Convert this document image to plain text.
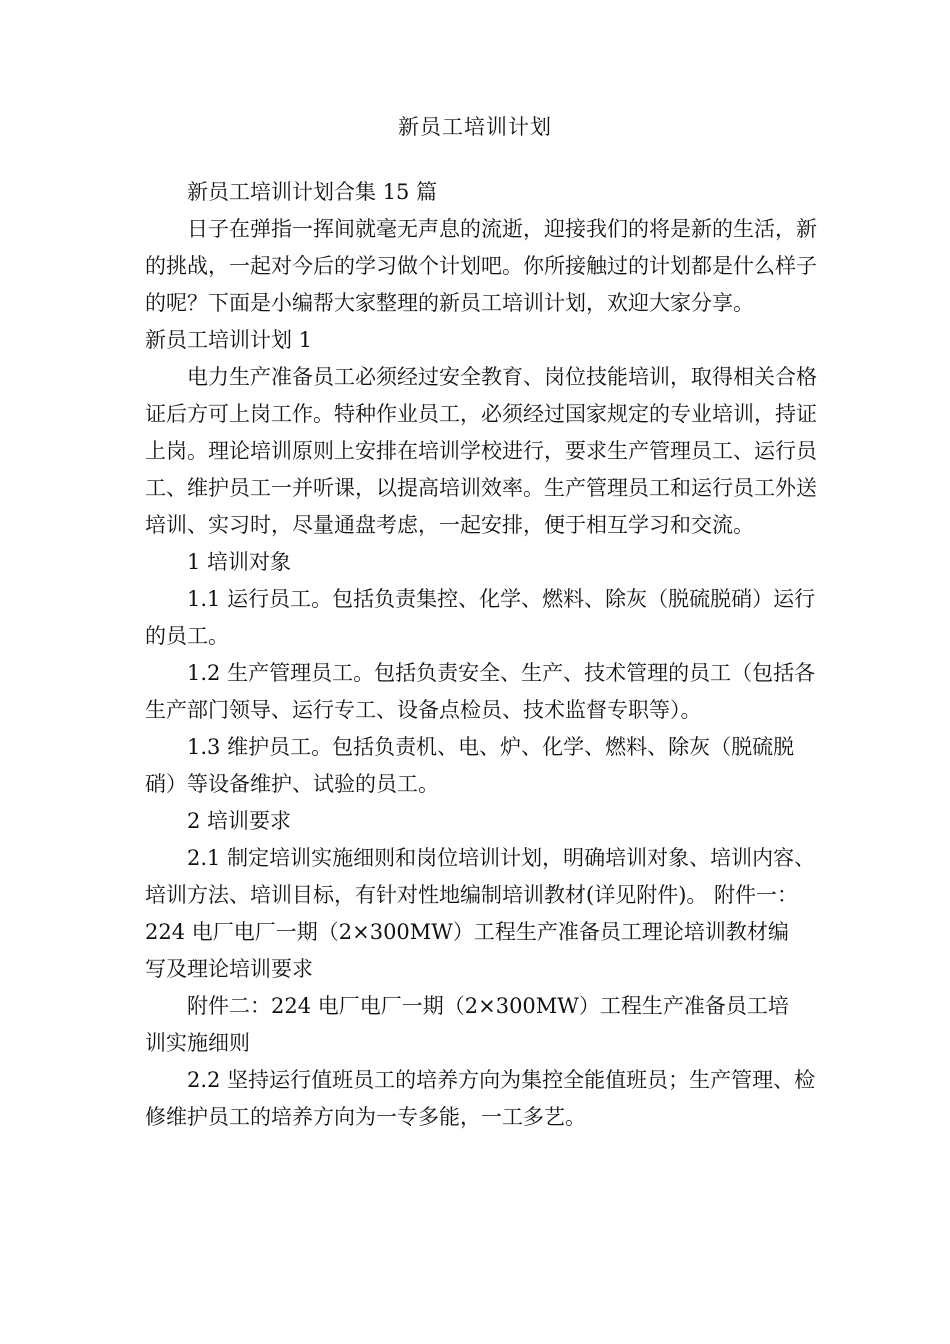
新员工培训计划

新员工培训计划合集 15 篇

日子在弹指一挥间就毫无声息的流逝，迎接我们的将是新的生活，新的挑战，一起对今后的学习做个计划吧。你所接触过的计划都是什么样子的呢？下面是小编帮大家整理的新员工培训计划，欢迎大家分享。

新员工培训计划 1

电力生产准备员工必须经过安全教育、岗位技能培训，取得相关合格证后方可上岗工作。特种作业员工，必须经过国家规定的专业培训，持证上岗。理论培训原则上安排在培训学校进行，要求生产管理员工、运行员工、维护员工一并听课，以提高培训效率。生产管理员工和运行员工外送培训、实习时，尽量通盘考虑，一起安排，便于相互学习和交流。

1 培训对象

1.1 运行员工。包括负责集控、化学、燃料、除灰（脱硫脱硝）运行的员工。

1.2 生产管理员工。包括负责安全、生产、技术管理的员工（包括各生产部门领导、运行专工、设备点检员、技术监督专职等）。

1.3 维护员工。包括负责机、电、炉、化学、燃料、除灰（脱硫脱硝）等设备维护、试验的员工。

2 培训要求

2.1 制定培训实施细则和岗位培训计划，明确培训对象、培训内容、培训方法、培训目标，有针对性地编制培训教材(详见附件)。 附件一：

224 电厂电厂一期（2×300MW）工程生产准备员工理论培训教材编
写及理论培训要求

附件二：224 电厂电厂一期（2×300MW）工程生产准备员工培
训实施细则

2.2 坚持运行值班员工的培养方向为集控全能值班员；生产管理、检修维护员工的培养方向为一专多能，一工多艺。
